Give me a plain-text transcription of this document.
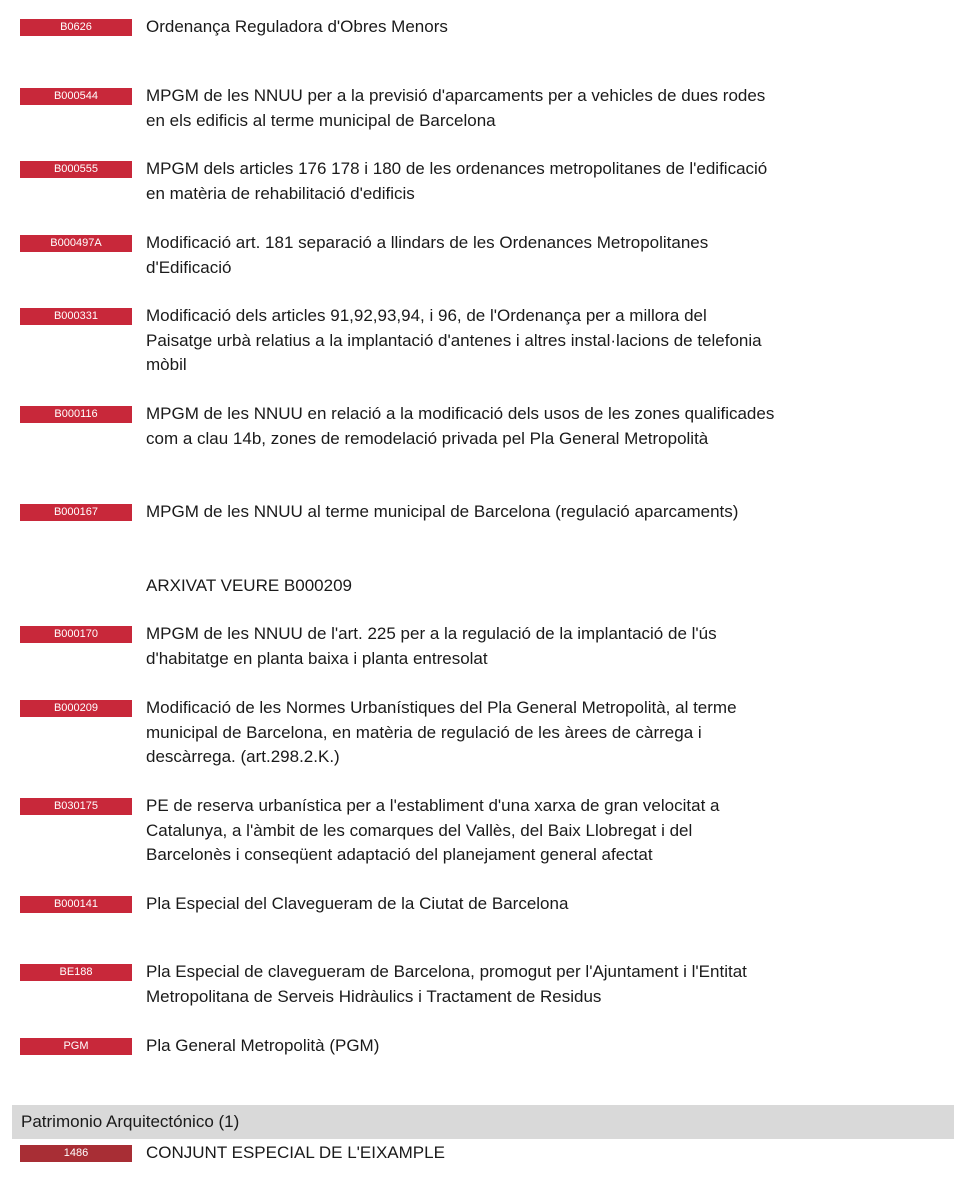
B0626	Ordenança Reguladora d'Obres Menors

B000544	MPGM de les NNUU per a la previsió d'aparcaments per a vehicles de dues rodes en els edificis al terme municipal de Barcelona

B000555	MPGM dels articles 176 178 i 180 de les ordenances metropolitanes de l'edificació en matèria de rehabilitació d'edificis

B000497A	Modificació art. 181 separació a llindars de les Ordenances Metropolitanes d'Edificació

B000331	Modificació dels articles 91,92,93,94, i 96, de l'Ordenança per a millora del Paisatge urbà relatius a la implantació d'antenes i altres instal·lacions de telefonia mòbil

B000116	MPGM de les NNUU en relació a la modificació dels usos de les zones qualificades com a clau 14b, zones de remodelació privada pel Pla General Metropolità

B000167	MPGM de les NNUU al terme municipal de Barcelona (regulació aparcaments)

ARXIVAT VEURE B000209
B000170	MPGM de les NNUU de l'art. 225 per a la regulació de la implantació de l'ús d'habitatge en planta baixa i planta entresolat

B000209	Modificació de les Normes Urbanístiques del Pla General Metropolità, al terme municipal de Barcelona, en matèria de regulació de les àrees de càrrega i descàrrega. (art.298.2.K.)

B030175	PE de reserva urbanística per a l'establiment d'una xarxa de gran velocitat a Catalunya, a l'àmbit de les comarques del Vallès, del Baix Llobregat i del Barcelonès i conseqüent adaptació del planejament general afectat

B000141	Pla Especial del Clavegueram de la Ciutat de Barcelona

BE188	Pla Especial de clavegueram de Barcelona, promogut per l'Ajuntament i l'Entitat Metropolitana de Serveis Hidràulics i Tractament de Residus

PGM	Pla General Metropolità (PGM)

Patrimonio Arquitectónico (1)
1486	CONJUNT ESPECIAL DE L'EIXAMPLE
